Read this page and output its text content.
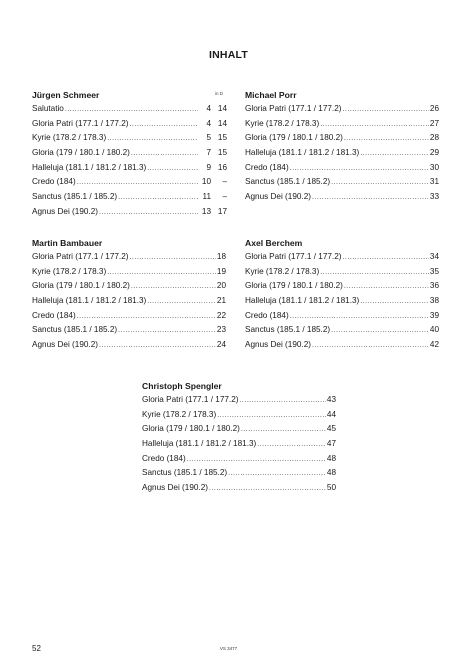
INHALT
Jürgen Schmeer	in D
Salutatio .....	4 14
Gloria Patri (177.1 / 177.2) .....	4 14
Kyrie (178.2 / 178.3) .....	5 15
Gloria (179 / 180.1 / 180.2) .....	7 15
Halleluja (181.1 / 181.2 / 181.3) .....	9 16
Credo (184) .....	10	–
Sanctus (185.1 / 185.2) .....	11	–
Agnus Dei (190.2) .....	13 17
Michael Porr
Gloria Patri (177.1 / 177.2) .....	26
Kyrie (178.2 / 178.3) .....	27
Gloria (179 / 180.1 / 180.2) .....	28
Halleluja (181.1 / 181.2 / 181.3) .....	29
Credo (184) .....	30
Sanctus (185.1 / 185.2) .....	31
Agnus Dei (190.2) .....	33
Martin Bambauer
Gloria Patri (177.1 / 177.2) .....	18
Kyrie (178.2 / 178.3) .....	19
Gloria (179 / 180.1 / 180.2) .....	20
Halleluja (181.1 / 181.2 / 181.3) .....	21
Credo (184) .....	22
Sanctus (185.1 / 185.2) .....	23
Agnus Dei (190.2) .....	24
Axel Berchem
Gloria Patri (177.1 / 177.2) .....	34
Kyrie (178.2 / 178.3) .....	35
Gloria (179 / 180.1 / 180.2) .....	36
Halleluja (181.1 / 181.2 / 181.3) .....	38
Credo (184) .....	39
Sanctus (185.1 / 185.2) .....	40
Agnus Dei (190.2) .....	42
Christoph Spengler
Gloria Patri (177.1 / 177.2) .....	43
Kyrie (178.2 / 178.3) .....	44
Gloria (179 / 180.1 / 180.2) .....	45
Halleluja (181.1 / 181.2 / 181.3) .....	47
Credo (184) .....	48
Sanctus (185.1 / 185.2) .....	48
Agnus Dei (190.2) .....	50
52	VS 3477
